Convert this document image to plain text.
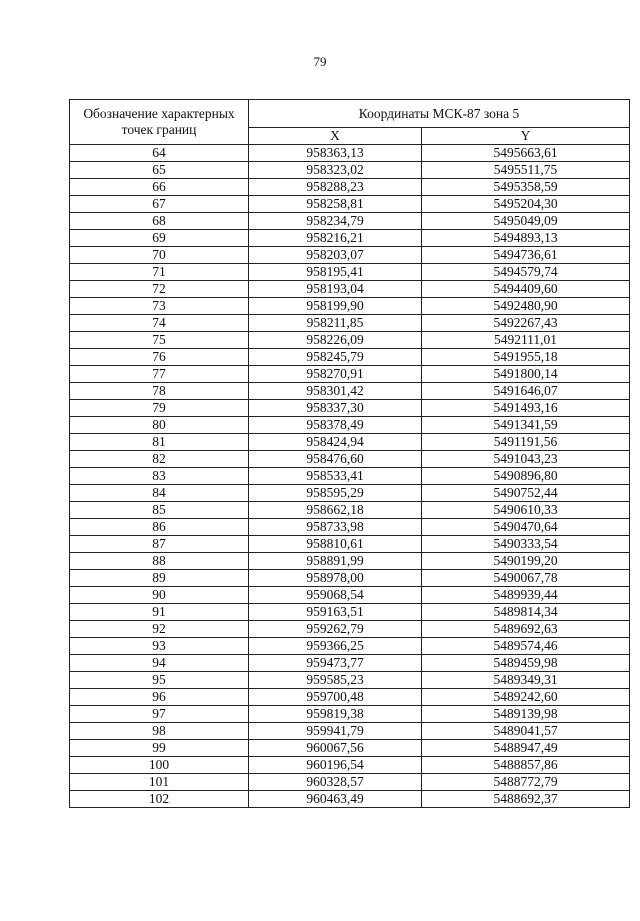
79
Обозначение характерных точек границ	Координаты МСК-87 зона 5	
	X	Y
64	958363,13	5495663,61
65	958323,02	5495511,75
66	958288,23	5495358,59
67	958258,81	5495204,30
68	958234,79	5495049,09
69	958216,21	5494893,13
70	958203,07	5494736,61
71	958195,41	5494579,74
72	958193,04	5494409,60
73	958199,90	5492480,90
74	958211,85	5492267,43
75	958226,09	5492111,01
76	958245,79	5491955,18
77	958270,91	5491800,14
78	958301,42	5491646,07
79	958337,30	5491493,16
80	958378,49	5491341,59
81	958424,94	5491191,56
82	958476,60	5491043,23
83	958533,41	5490896,80
84	958595,29	5490752,44
85	958662,18	5490610,33
86	958733,98	5490470,64
87	958810,61	5490333,54
88	958891,99	5490199,20
89	958978,00	5490067,78
90	959068,54	5489939,44
91	959163,51	5489814,34
92	959262,79	5489692,63
93	959366,25	5489574,46
94	959473,77	5489459,98
95	959585,23	5489349,31
96	959700,48	5489242,60
97	959819,38	5489139,98
98	959941,79	5489041,57
99	960067,56	5488947,49
100	960196,54	5488857,86
101	960328,57	5488772,79
102	960463,49	5488692,37
